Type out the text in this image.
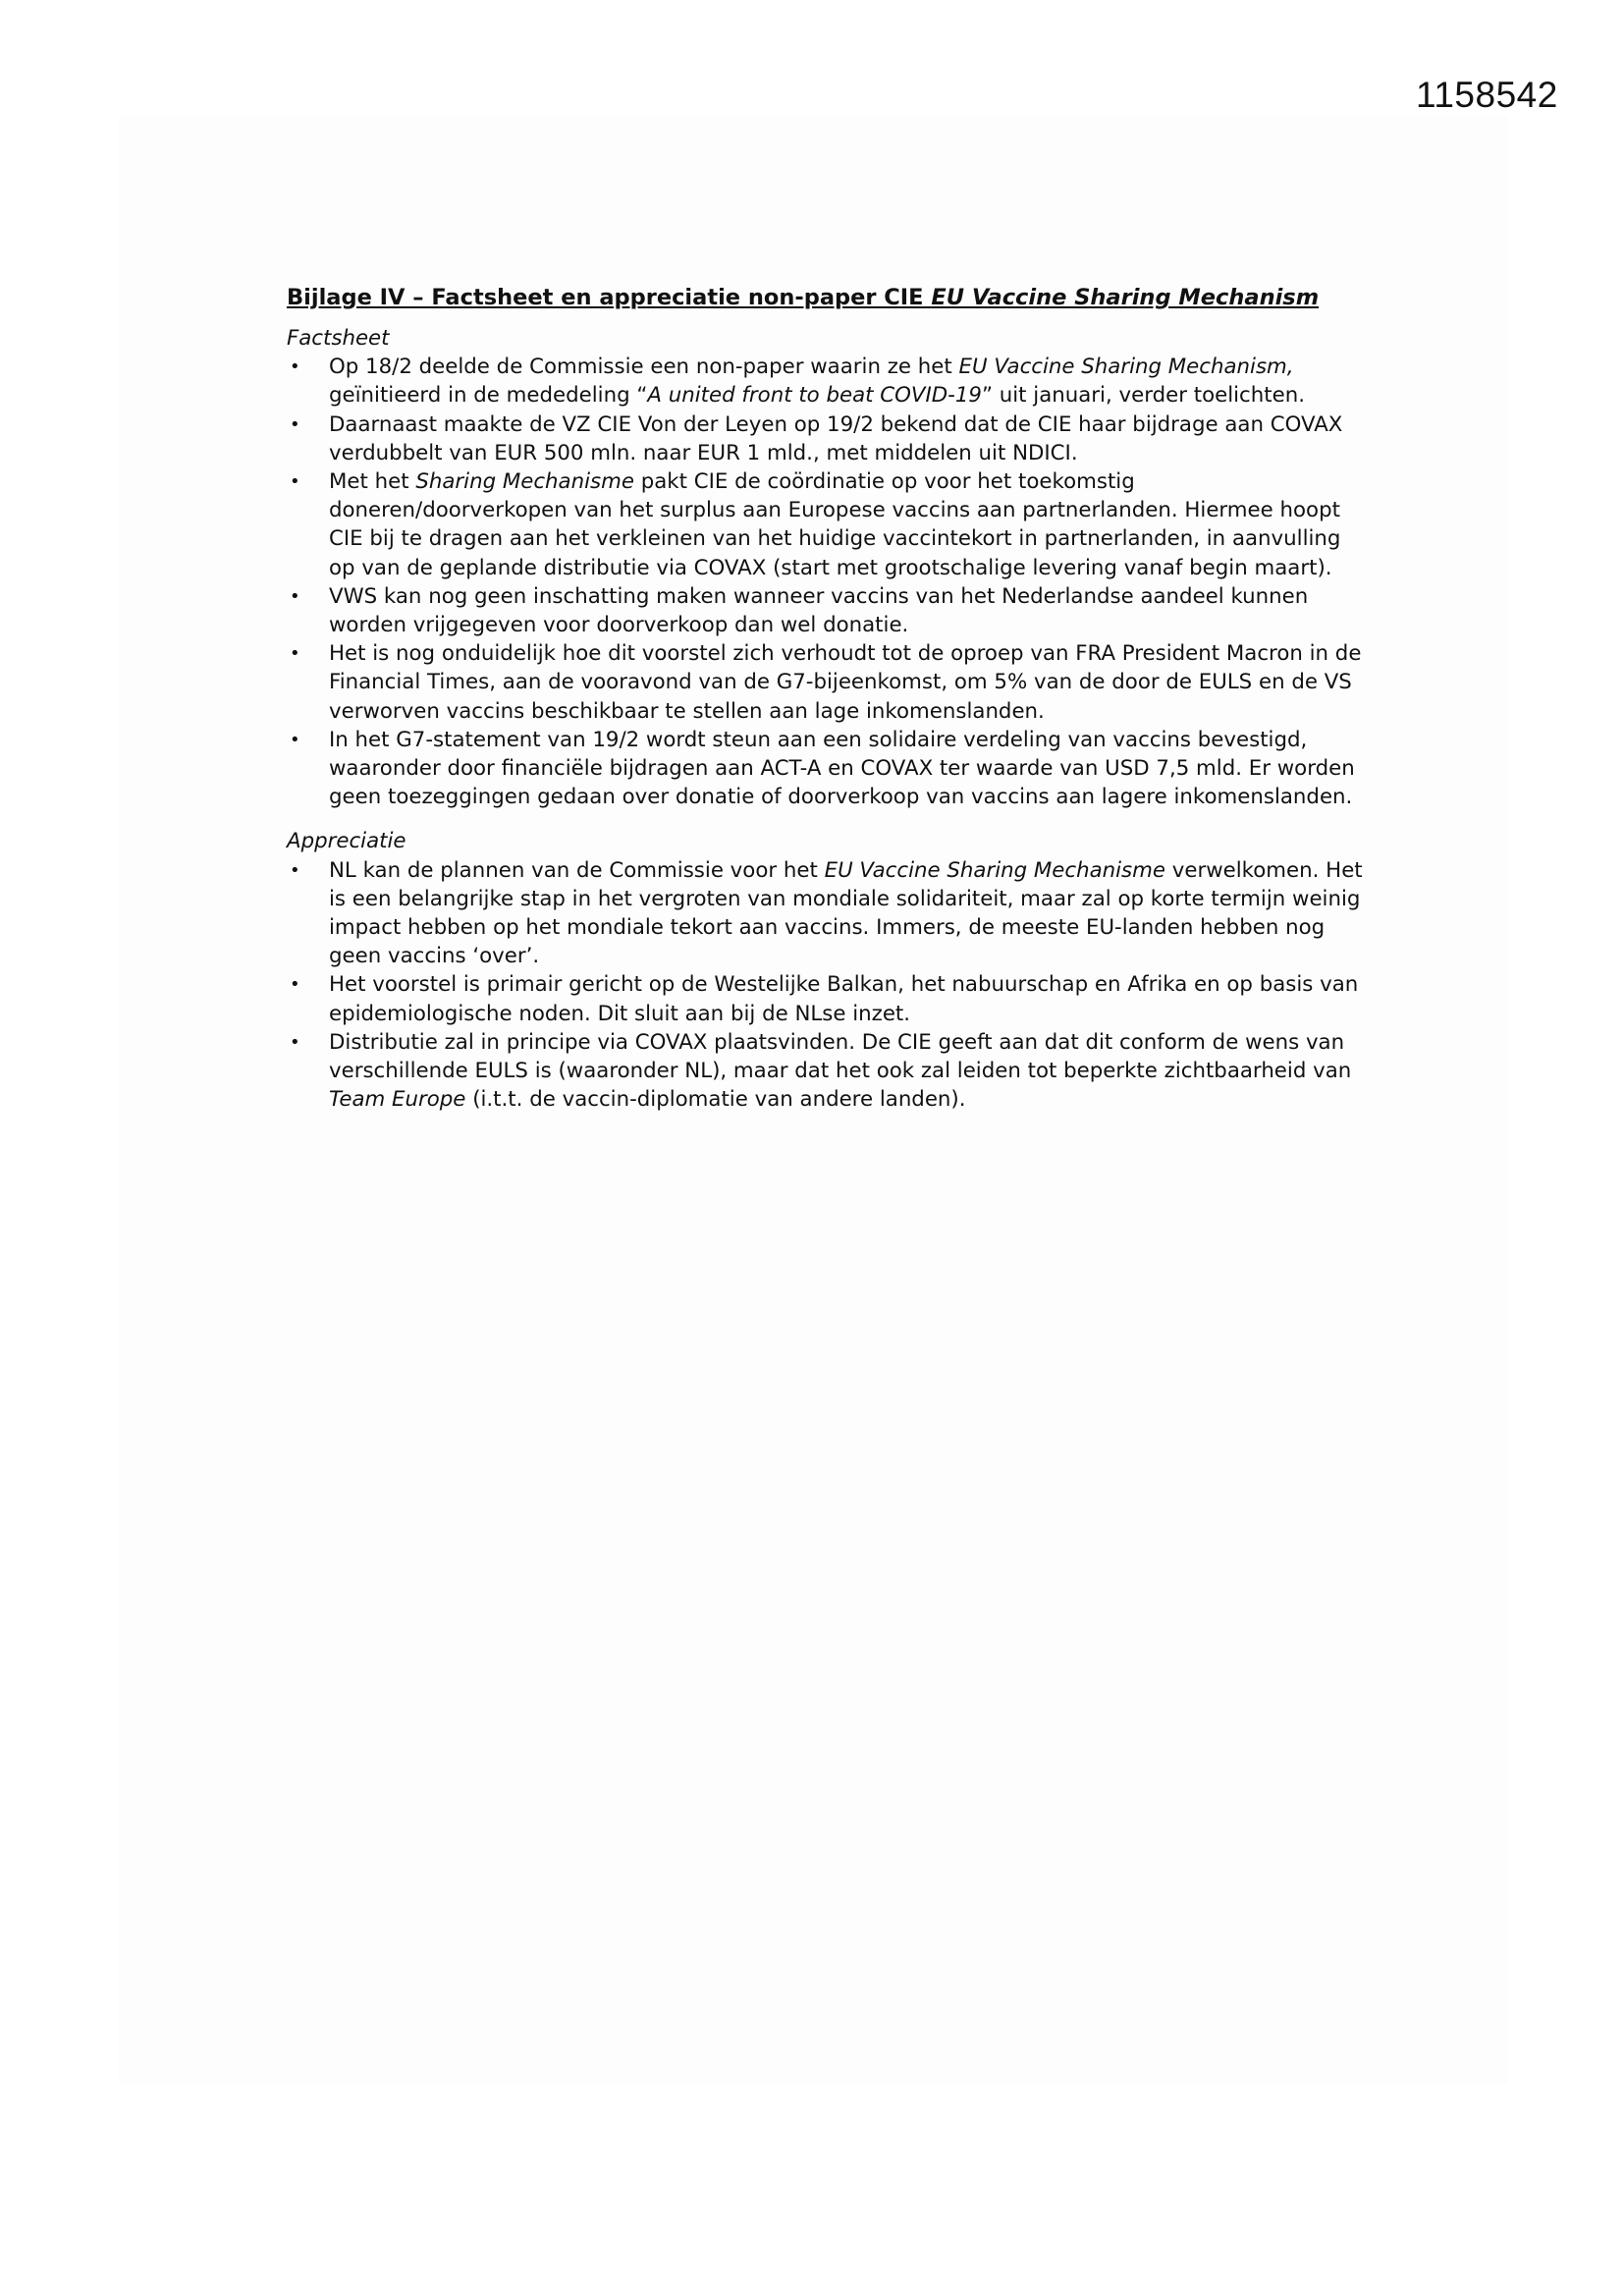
1158542

Bijlage IV – Factsheet en appreciatie non-paper CIE EU Vaccine Sharing Mechanism

Factsheet

• Op 18/2 deelde de Commissie een non-paper waarin ze het EU Vaccine Sharing Mechanism, geïnitieerd in de mededeling “A united front to beat COVID-19” uit januari, verder toelichten.
• Daarnaast maakte de VZ CIE Von der Leyen op 19/2 bekend dat de CIE haar bijdrage aan COVAX verdubbelt van EUR 500 mln. naar EUR 1 mld., met middelen uit NDICI.
• Met het Sharing Mechanisme pakt CIE de coördinatie op voor het toekomstig doneren/doorverkopen van het surplus aan Europese vaccins aan partnerlanden. Hiermee hoopt CIE bij te dragen aan het verkleinen van het huidige vaccintekort in partnerlanden, in aanvulling op van de geplande distributie via COVAX (start met grootschalige levering vanaf begin maart).
• VWS kan nog geen inschatting maken wanneer vaccins van het Nederlandse aandeel kunnen worden vrijgegeven voor doorverkoop dan wel donatie.
• Het is nog onduidelijk hoe dit voorstel zich verhoudt tot de oproep van FRA President Macron in de Financial Times, aan de vooravond van de G7-bijeenkomst, om 5% van de door de EULS en de VS verworven vaccins beschikbaar te stellen aan lage inkomenslanden.
• In het G7-statement van 19/2 wordt steun aan een solidaire verdeling van vaccins bevestigd, waaronder door financiële bijdragen aan ACT-A en COVAX ter waarde van USD 7,5 mld. Er worden geen toezeggingen gedaan over donatie of doorverkoop van vaccins aan lagere inkomenslanden.

Appreciatie

• NL kan de plannen van de Commissie voor het EU Vaccine Sharing Mechanisme verwelkomen. Het is een belangrijke stap in het vergroten van mondiale solidariteit, maar zal op korte termijn weinig impact hebben op het mondiale tekort aan vaccins. Immers, de meeste EU-landen hebben nog geen vaccins ‘over’.
• Het voorstel is primair gericht op de Westelijke Balkan, het nabuurschap en Afrika en op basis van epidemiologische noden. Dit sluit aan bij de NLse inzet.
• Distributie zal in principe via COVAX plaatsvinden. De CIE geeft aan dat dit conform de wens van verschillende EULS is (waaronder NL), maar dat het ook zal leiden tot beperkte zichtbaarheid van Team Europe (i.t.t. de vaccin-diplomatie van andere landen).
